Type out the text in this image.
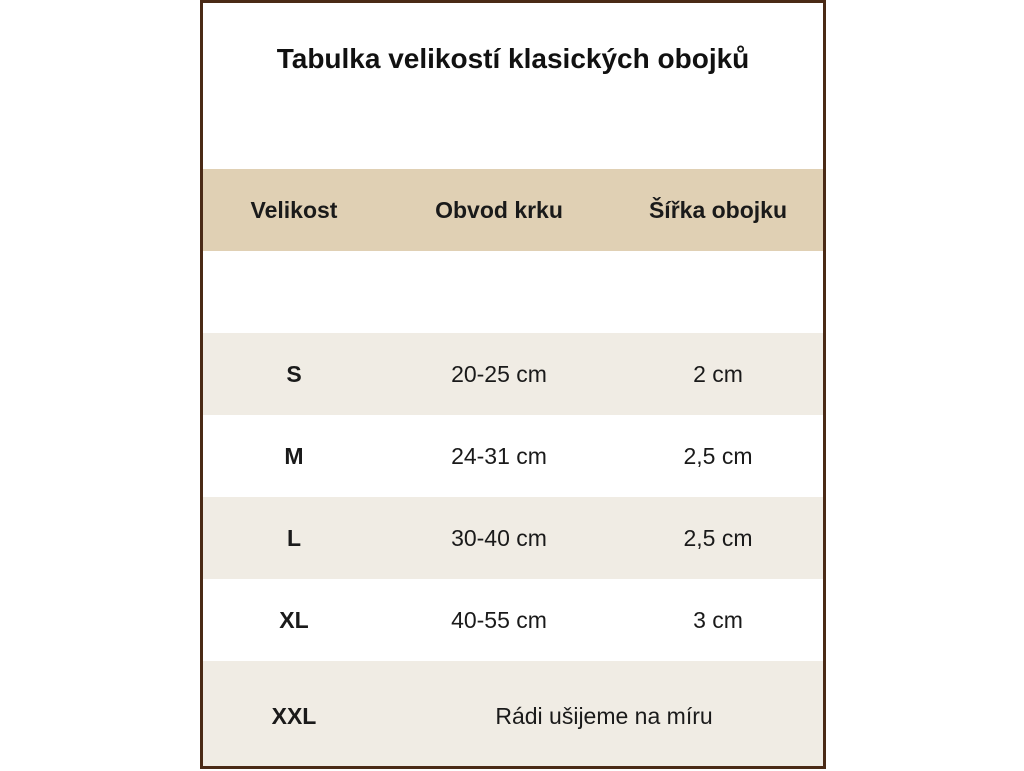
Tabulka velikostí klasických obojků
Velikost	Obvod krku	Šířka obojku
S	20-25 cm	2 cm
M	24-31 cm	2,5 cm
L	30-40 cm	2,5 cm
XL	40-55 cm	3 cm
XXL	Rádi ušijeme na míru
